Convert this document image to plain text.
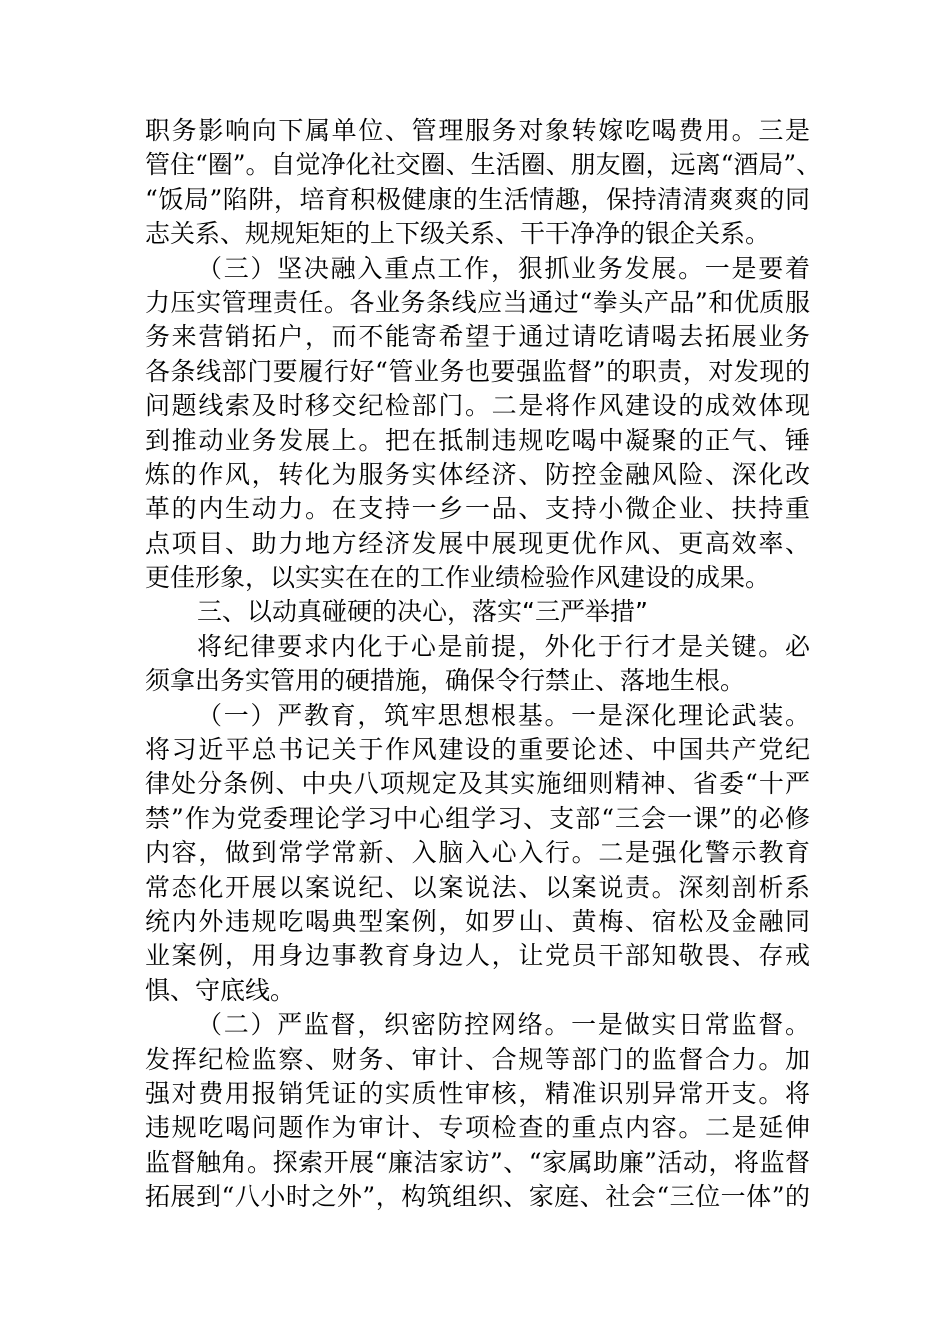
职务影响向下属单位、管理服务对象转嫁吃喝费用。三是
管住“圈”。自觉净化社交圈、生活圈、朋友圈，远离“酒局”、
“饭局”陷阱，培育积极健康的生活情趣，保持清清爽爽的同
志关系、规规矩矩的上下级关系、干干净净的银企关系。
（三）坚决融入重点工作，狠抓业务发展。一是要着
力压实管理责任。各业务条线应当通过“拳头产品”和优质服
务来营销拓户，而不能寄希望于通过请吃请喝去拓展业务
各条线部门要履行好“管业务也要强监督”的职责，对发现的
问题线索及时移交纪检部门。二是将作风建设的成效体现
到推动业务发展上。把在抵制违规吃喝中凝聚的正气、锤
炼的作风，转化为服务实体经济、防控金融风险、深化改
革的内生动力。在支持一乡一品、支持小微企业、扶持重
点项目、助力地方经济发展中展现更优作风、更高效率、
更佳形象，以实实在在的工作业绩检验作风建设的成果。
三、以动真碰硬的决心，落实“三严举措”
将纪律要求内化于心是前提，外化于行才是关键。必
须拿出务实管用的硬措施，确保令行禁止、落地生根。
（一）严教育，筑牢思想根基。一是深化理论武装。
将习近平总书记关于作风建设的重要论述、中国共产党纪
律处分条例、中央八项规定及其实施细则精神、省委“十严
禁”作为党委理论学习中心组学习、支部“三会一课”的必修
内容，做到常学常新、入脑入心入行。二是强化警示教育
常态化开展以案说纪、以案说法、以案说责。深刻剖析系
统内外违规吃喝典型案例，如罗山、黄梅、宿松及金融同
业案例，用身边事教育身边人，让党员干部知敬畏、存戒
惧、守底线。
（二）严监督，织密防控网络。一是做实日常监督。
发挥纪检监察、财务、审计、合规等部门的监督合力。加
强对费用报销凭证的实质性审核，精准识别异常开支。将
违规吃喝问题作为审计、专项检查的重点内容。二是延伸
监督触角。探索开展“廉洁家访”、“家属助廉”活动，将监督
拓展到“八小时之外”，构筑组织、家庭、社会“三位一体”的
